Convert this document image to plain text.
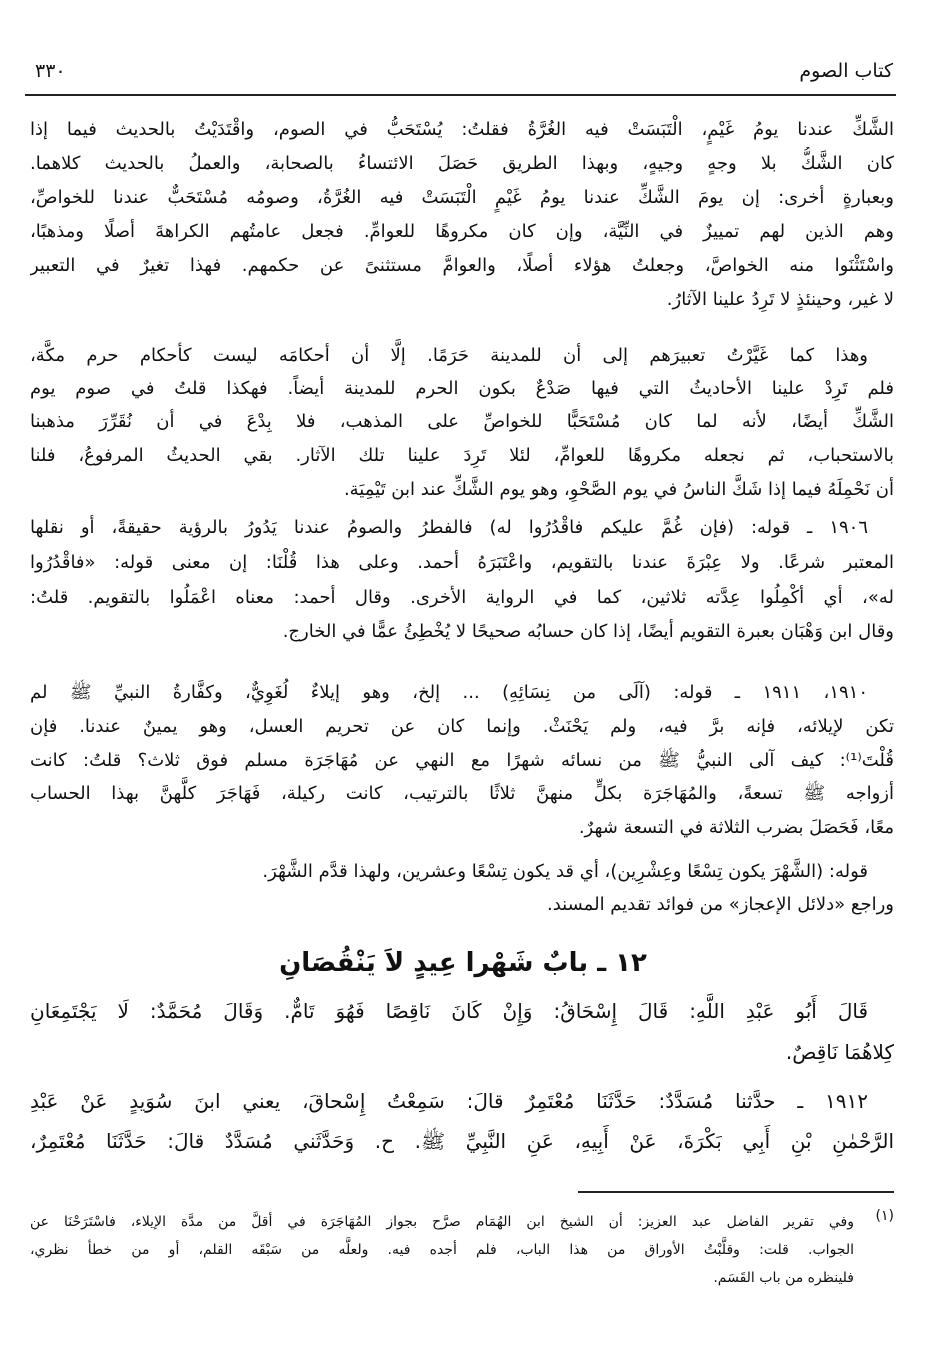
٣٣٠	كتاب الصوم
الشَّكِّ عندنا يومُ غَيْمٍ، الْتَبَسَتْ فيه الغُرَّةُ فقلتُ: يُسْتَحَبُّ في الصوم، واقْتَدَيْتُ بالحديث فيما إذا
كان الشَّكُّ بلا وجهٍ وجيهٍ، وبهذا الطريق حَصَلَ الائتساءُ بالصحابة، والعملُ بالحديث كلاهما.
وبعبارةٍ أخرى: إن يومَ الشَّكِّ عندنا يومُ غَيْمٍ الْتَبَسَتْ فيه الغُرَّةُ، وصومُه مُسْتَحَبٌّ عندنا للخواصِّ،
وهم الذين لهم تمييزٌ في النِّيَّة، وإن كان مكروهًا للعوامِّ. فجعل عامتُهم الكراهةَ أصلًا ومذهبًا،
واسْتَثْنَوا منه الخواصَّ، وجعلتُ هؤلاء أصلًا، والعوامَّ مستثنىً عن حكمهم. فهذا تغيرٌ في التعبير
لا غير، وحينئذٍ لا تَرِدُ علينا الآثارُ.
وهذا كما غَيَّرْتُ تعبيرَهم إلى أن للمدينة حَرَمًا. إلَّا أن أحكامَه ليست كأحكام حرم مكَّة،
فلم تَرِدْ علينا الأحاديثُ التي فيها صَدْعٌ بكون الحرم للمدينة أيضاً. فهكذا قلتُ في صوم يوم
الشَّكِّ أيضًا، لأنه لما كان مُسْتَحَبًّا للخواصِّ على المذهب، فلا بِدْعَ في أن نُقَرِّرَ مذهبنا
بالاستحباب، ثم نجعله مكروهًا للعوامِّ، لئلا تَرِدَ علينا تلك الآثار. بقي الحديثُ المرفوعُ، فلنا
أن نَحْمِلَهُ فيما إذا شَكَّ الناسُ في يوم الصَّحْوِ، وهو يوم الشَّكِّ عند ابن تَيْمِيَة.
١٩٠٦ ـ قوله: (فإن غُمَّ عليكم فاقْدُرُوا له) فالفطرُ والصومُ عندنا يَدُورُ بالرؤية حقيقةً، أو نقلها
المعتبر شرعًا. ولا عِبْرَةَ عندنا بالتقويم، واعْتَبَرَهُ أحمد. وعلى هذا قُلْنَا: إن معنى قوله: «فاقْدُرُوا
له»، أي أكْمِلُوا عِدَّته ثلاثين، كما في الرواية الأخرى. وقال أحمد: معناه اعْمَلُوا بالتقويم. قلتُ:
وقال ابن وَهْبَان بعبرة التقويم أيضًا، إذا كان حسابُه صحيحًا لا يُخْطِئُ عمًّا في الخارج.
١٩١٠، ١٩١١ ـ قوله: (آلَى من نِسَائِهِ) ... إلخ، وهو إيلاءٌ لُغَوِيٌّ، وكفَّارةُ النبيِّ ﷺ لم
تكن لإيلائه، فإنه برَّ فيه، ولم يَحْنَثْ. وإنما كان عن تحريم العسل، وهو يمينٌ عندنا. فإن
قُلْتَ⁽¹⁾: كيف آلى النبيُّ ﷺ من نسائه شهرًا مع النهي عن مُهَاجَرَة مسلم فوق ثلاث؟ قلتُ: كانت
أزواجه ﷺ تسعةً، والمُهَاجَرَة بكلٍّ منهنَّ ثلاثًا بالترتيب، كانت ركيلة، فَهَاجَرَ كلَّهنَّ بهذا الحساب
معًا، فَحَصَلَ بضرب الثلاثة في التسعة شهرٌ.
قوله: (الشَّهْرَ يكون تِسْعًا وعِشْرِين)، أي قد يكون تِسْعًا وعشرين، ولهذا قدَّم الشَّهْرَ.
وراجع «دلائل الإعجاز» من فوائد تقديم المسند.
١٢ ـ بابٌ شَهْرا عِيدٍ لاَ يَنْقُصَانِ
قَالَ أَبُو عَبْدِ اللَّهِ: قَالَ إِسْحَاقُ: وَإِنْ كَانَ نَاقِصًا فَهُوَ تَامٌّ. وَقَالَ مُحَمَّدٌ: لَا يَجْتَمِعَانِ
كِلاهُمَا نَاقِصٌ.
١٩١٢ ـ حدَّثنا مُسَدَّدٌ: حَدَّثَنَا مُعْتَمِرٌ قالَ: سَمِعْتُ إِسْحاقَ، يعني ابنَ سُوَيدٍ عَنْ عَبْدِ
الرَّحْمٰنِ بْنِ أَبِي بَكْرَةَ، عَنْ أَبِيهِ، عَنِ النَّبِيِّ ﷺ. ح. وَحَدَّثَني مُسَدَّدٌ قالَ: حَدَّثَنَا مُعْتَمِرٌ،
(١)
وفي تقرير الفاضل عبد العزيز: أن الشيخ ابن الهُمَام صرَّح بجواز المُهَاجَرَة في أقلَّ من مدَّة الإيلاء، فاسْتَرَحْنَا عن
الجواب. قلت: وقلَّبْتُ الأوراق من هذا الباب، فلم أجده فيه. ولعلَّه من سَبْقَه القلم، أو من خطأ نظري،
فلينظره من باب القَسَم.
